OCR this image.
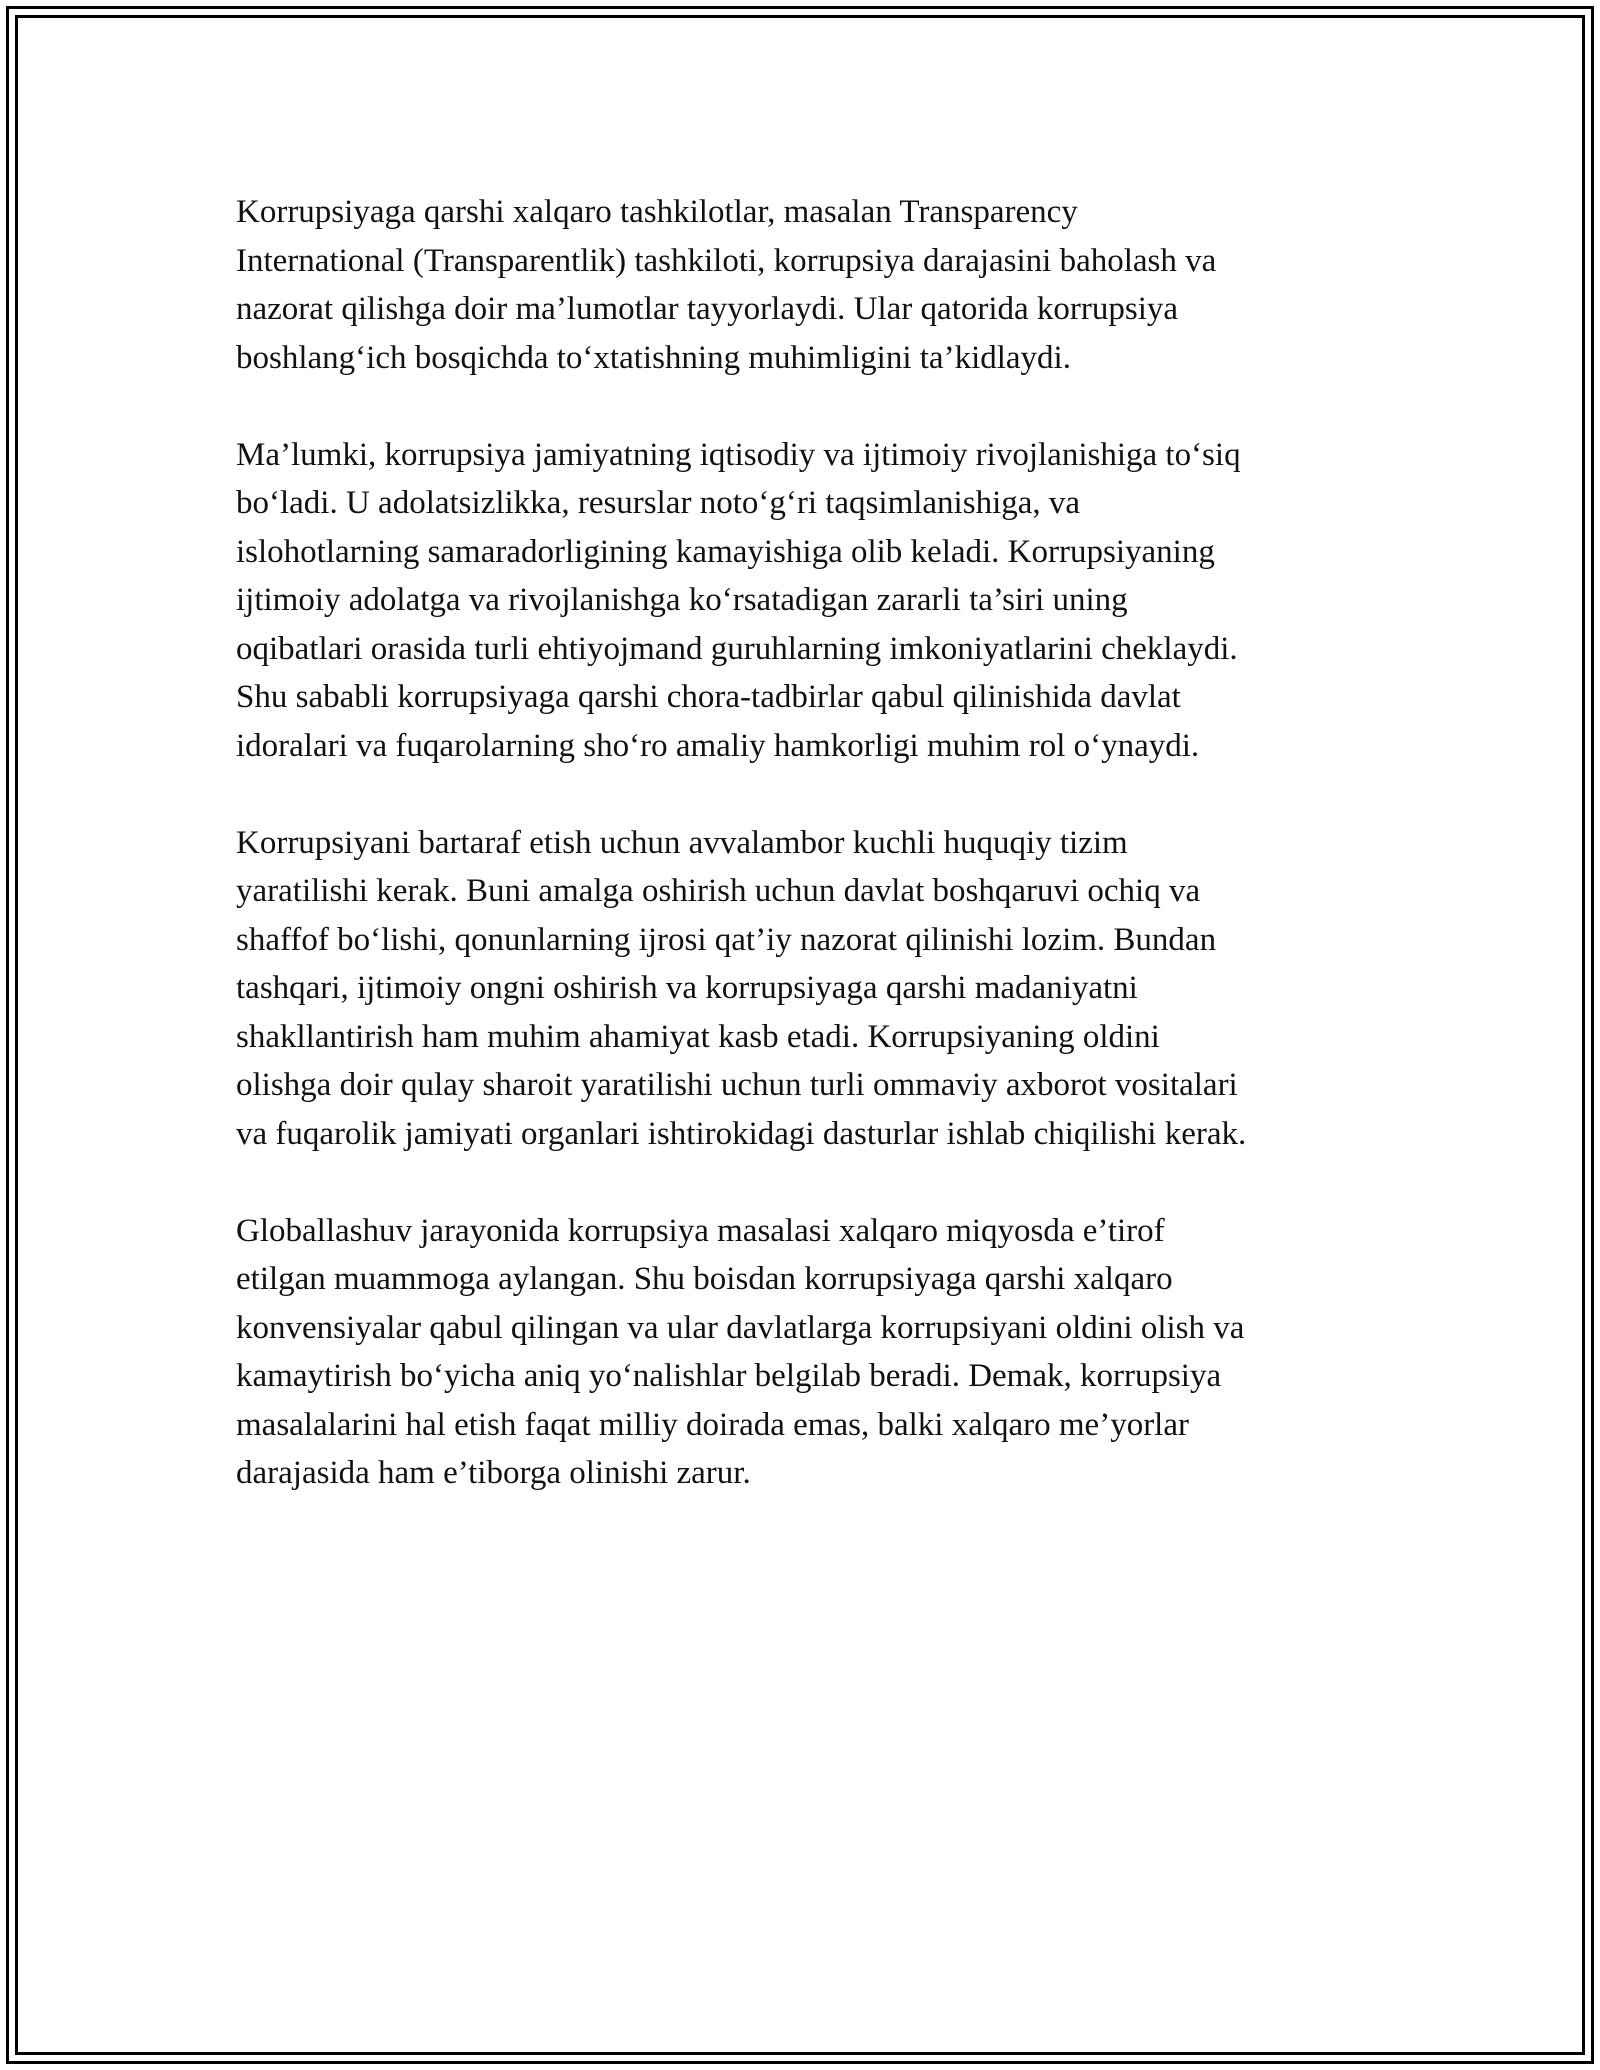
Korrupsiyaga qarshi xalqaro tashkilotlar, masalan Transparency
International (Transparentlik) tashkiloti, korrupsiya darajasini baholash va
nazorat qilishga doir ma’lumotlar tayyorlaydi. Ular qatorida korrupsiya
boshlang‘ich bosqichda to‘xtatishning muhimligini ta’kidlaydi.

Ma’lumki, korrupsiya jamiyatning iqtisodiy va ijtimoiy rivojlanishiga to‘siq
bo‘ladi. U adolatsizlikka, resurslar noto‘g‘ri taqsimlanishiga, va
islohotlarning samaradorligining kamayishiga olib keladi. Korrupsiyaning
ijtimoiy adolatga va rivojlanishga ko‘rsatadigan zararli ta’siri uning
oqibatlari orasida turli ehtiyojmand guruhlarning imkoniyatlarini cheklaydi.
Shu sababli korrupsiyaga qarshi chora-tadbirlar qabul qilinishida davlat
idoralari va fuqarolarning sho‘ro amaliy hamkorligi muhim rol o‘ynaydi.

Korrupsiyani bartaraf etish uchun avvalambor kuchli huquqiy tizim
yaratilishi kerak. Buni amalga oshirish uchun davlat boshqaruvi ochiq va
shaffof bo‘lishi, qonunlarning ijrosi qat’iy nazorat qilinishi lozim. Bundan
tashqari, ijtimoiy ongni oshirish va korrupsiyaga qarshi madaniyatni
shakllantirish ham muhim ahamiyat kasb etadi. Korrupsiyaning oldini
olishga doir qulay sharoit yaratilishi uchun turli ommaviy axborot vositalari
va fuqarolik jamiyati organlari ishtirokidagi dasturlar ishlab chiqilishi kerak.

Globallashuv jarayonida korrupsiya masalasi xalqaro miqyosda e’tirof
etilgan muammoga aylangan. Shu boisdan korrupsiyaga qarshi xalqaro
konvensiyalar qabul qilingan va ular davlatlarga korrupsiyani oldini olish va
kamaytirish bo‘yicha aniq yo‘nalishlar belgilab beradi. Demak, korrupsiya
masalalarini hal etish faqat milliy doirada emas, balki xalqaro me’yorlar
darajasida ham e’tiborga olinishi zarur.
